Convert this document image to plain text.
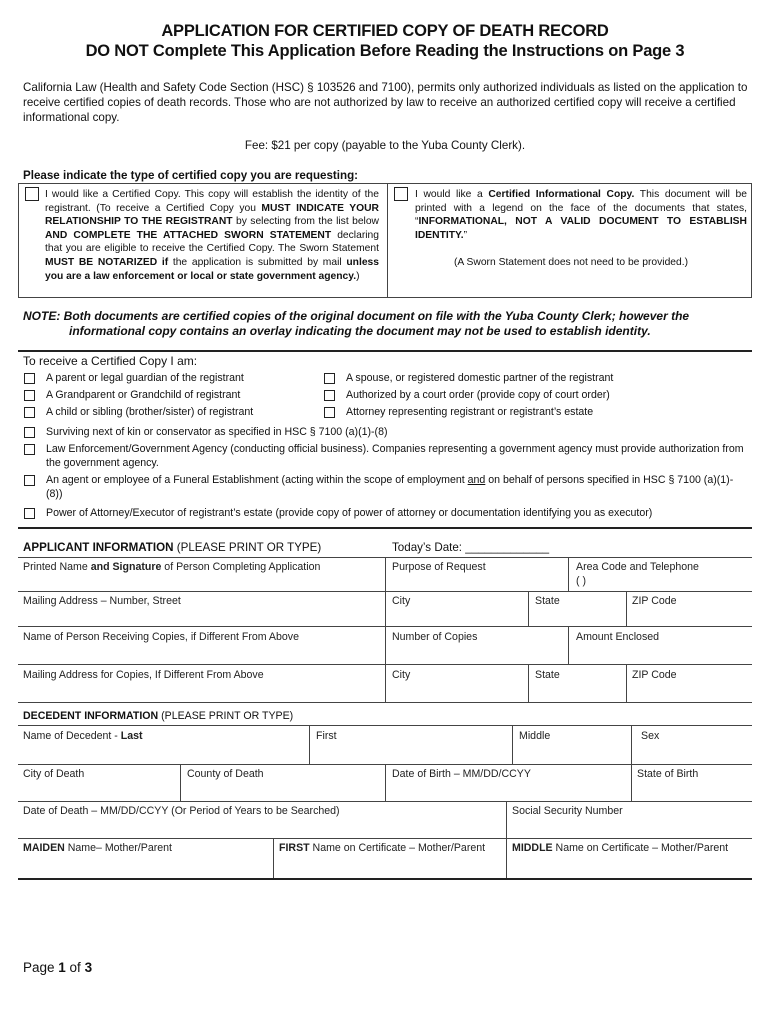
APPLICATION FOR CERTIFIED COPY OF DEATH RECORD
DO NOT Complete This Application Before Reading the Instructions on Page 3
California Law (Health and Safety Code Section (HSC) § 103526 and 7100), permits only authorized individuals as listed on the application to receive certified copies of death records. Those who are not authorized by law to receive an authorized certified copy will receive a certified informational copy.
Fee: $21 per copy (payable to the Yuba County Clerk).
Please indicate the type of certified copy you are requesting:
I would like a Certified Copy. This copy will establish the identity of the registrant. (To receive a Certified Copy you MUST INDICATE YOUR RELATIONSHIP TO THE REGISTRANT by selecting from the list below AND COMPLETE THE ATTACHED SWORN STATEMENT declaring that you are eligible to receive the Certified Copy. The Sworn Statement MUST BE NOTARIZED if the application is submitted by mail unless you are a law enforcement or local or state government agency.)
I would like a Certified Informational Copy. This document will be printed with a legend on the face of the documents that states, “INFORMATIONAL, NOT A VALID DOCUMENT TO ESTABLISH IDENTITY.”
(A Sworn Statement does not need to be provided.)
NOTE: Both documents are certified copies of the original document on file with the Yuba County Clerk; however the
informational copy contains an overlay indicating the document may not be used to establish identity.
To receive a Certified Copy I am:
A parent or legal guardian of the registrant
A Grandparent or Grandchild of registrant
A child or sibling (brother/sister) of registrant
A spouse, or registered domestic partner of the registrant
Authorized by a court order (provide copy of court order)
Attorney representing registrant or registrant’s estate
Surviving next of kin or conservator as specified in HSC § 7100 (a)(1)-(8)
Law Enforcement/Government Agency (conducting official business). Companies representing a government agency must provide authorization from the government agency.
An agent or employee of a Funeral Establishment (acting within the scope of employment and on behalf of persons specified in HSC § 7100 (a)(1)-(8))
Power of Attorney/Executor of registrant’s estate (provide copy of power of attorney or documentation identifying you as executor)
APPLICANT INFORMATION (PLEASE PRINT OR TYPE)	Today’s Date: _____________
Printed Name and Signature of Person Completing Application	Purpose of Request	Area Code and Telephone
( )
Mailing Address – Number, Street	City	State	ZIP Code
Name of Person Receiving Copies, if Different From Above	Number of Copies	Amount Enclosed
Mailing Address for Copies, If Different From Above	City	State	ZIP Code
DECEDENT INFORMATION (PLEASE PRINT OR TYPE)
Name of Decedent - Last	First	Middle	Sex
City of Death	County of Death	Date of Birth – MM/DD/CCYY	State of Birth
Date of Death – MM/DD/CCYY (Or Period of Years to be Searched)	Social Security Number
MAIDEN Name– Mother/Parent	FIRST Name on Certificate – Mother/Parent	MIDDLE Name on Certificate – Mother/Parent
Page 1 of 3
